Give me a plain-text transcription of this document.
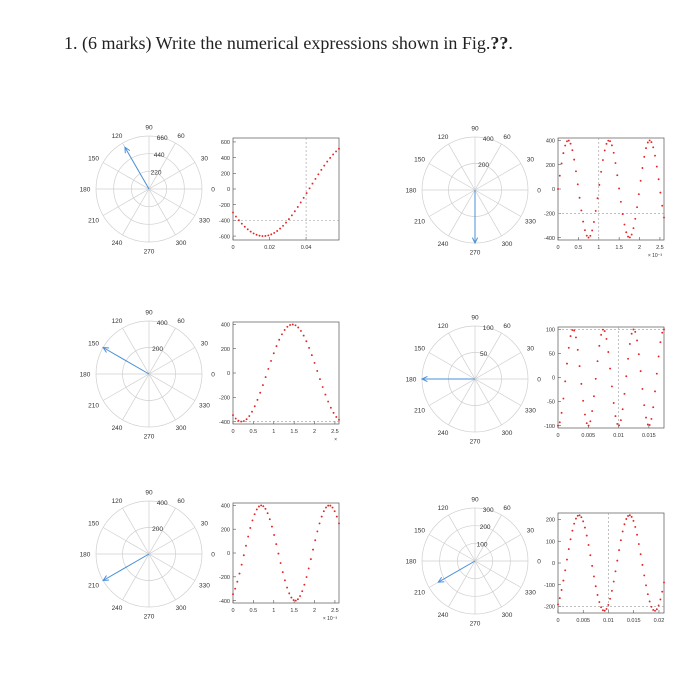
1. (6 marks) Write the numerical expressions shown in Fig.??.
0
30
60
90
120
150
180
210
240
270
300
330
220
440
660
600
400
200
0
-200
-400
-600
0	0.02	0.04
0
30
60
90
120
150
180
210
240
270
300
330
200
400	400
200
0
-200
-400
0	0.5	1	1.5	2	2.5
× 10⁻³
0
30
60
90
120
150
180
210
240
270
300
330
200
400	400
200
0
-200
-400
0	0.5	1	1.5	2	2.5
×
0
30
60
90
120
150
180
210
240
270
300
330
50
100	100
50
0
-50
-100
0	0.005	0.01	0.015
0
30
60
90
120
150
180
210
240
270
300
330
200
400	400
200
0
-200
-400
0	0.5	1	1.5	2	2.5
× 10⁻³
0
30
60
90
120
150
180
210
240
270
300
330
100
200
300
200
100
0
-100
-200
0	0.005 0.01 0.015 0.02
